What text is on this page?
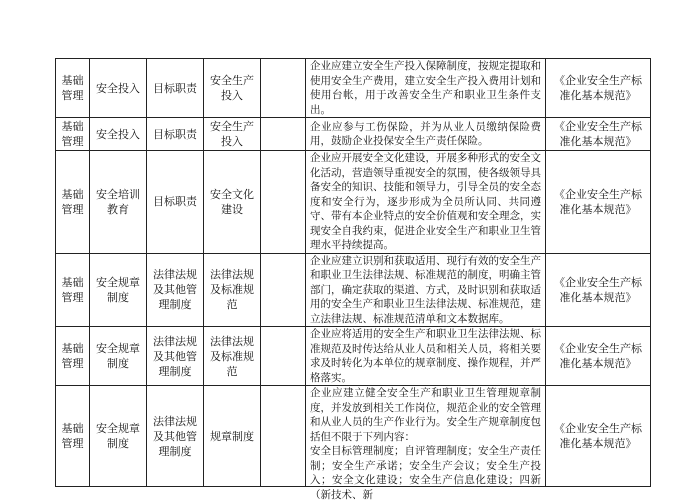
基础
管理	安全投入	目标职责	安全生产
投入		企业应建立安全生产投入保障制度，按规定提取和使用安全生产费用，建立安全生产投入费用计划和使用台帐，用于改善安全生产和职业卫生条件支出。	《企业安全生产标准化基本规范》

基础
管理	安全投入	目标职责	安全生产
投入		企业应参与工伤保险，并为从业人员缴纳保险费用，鼓励企业投保安全生产责任保险。	《企业安全生产标准化基本规范》

基础
管理	安全培训
教育	目标职责	安全文化
建设		企业应开展安全文化建设，开展多种形式的安全文化活动，营造领导重视安全的氛围，使各级领导具备安全的知识、技能和领导力，引导全员的安全态度和安全行为，逐步形成为全员所认同、共同遵守、带有本企业特点的安全价值观和安全理念，实现安全自我约束，促进企业安全生产和职业卫生管理水平持续提高。	《企业安全生产标准化基本规范》

基础
管理	安全规章
制度	法律法规
及其他管
理制度	法律法规
及标准规
范		企业应建立识别和获取适用、现行有效的安全生产和职业卫生法律法规、标准规范的制度，明确主管部门，确定获取的渠道、方式，及时识别和获取适用的安全生产和职业卫生法律法规、标准规范，建立法律法规、标准规范清单和文本数据库。	《企业安全生产标准化基本规范》

基础
管理	安全规章
制度	法律法规
及其他管
理制度	法律法规
及标准规
范		企业应将适用的安全生产和职业卫生法律法规、标准规范及时传达给从业人员和相关人员，将相关要求及时转化为本单位的规章制度、操作规程，并严格落实。	《企业安全生产标准化基本规范》

基础
管理	安全规章
制度	法律法规
及其他管
理制度	规章制度		企业应建立健全安全生产和职业卫生管理规章制度，并发放到相关工作岗位，规范企业的安全管理和从业人员的生产作业行为。安全生产规章制度包括但不限于下列内容：
安全目标管理制度；自评管理制度；安全生产责任制；安全生产承诺；安全生产会议；安全生产投入；安全文化建设；安全生产信息化建设；四新（新技术、新	《企业安全生产标准化基本规范》
